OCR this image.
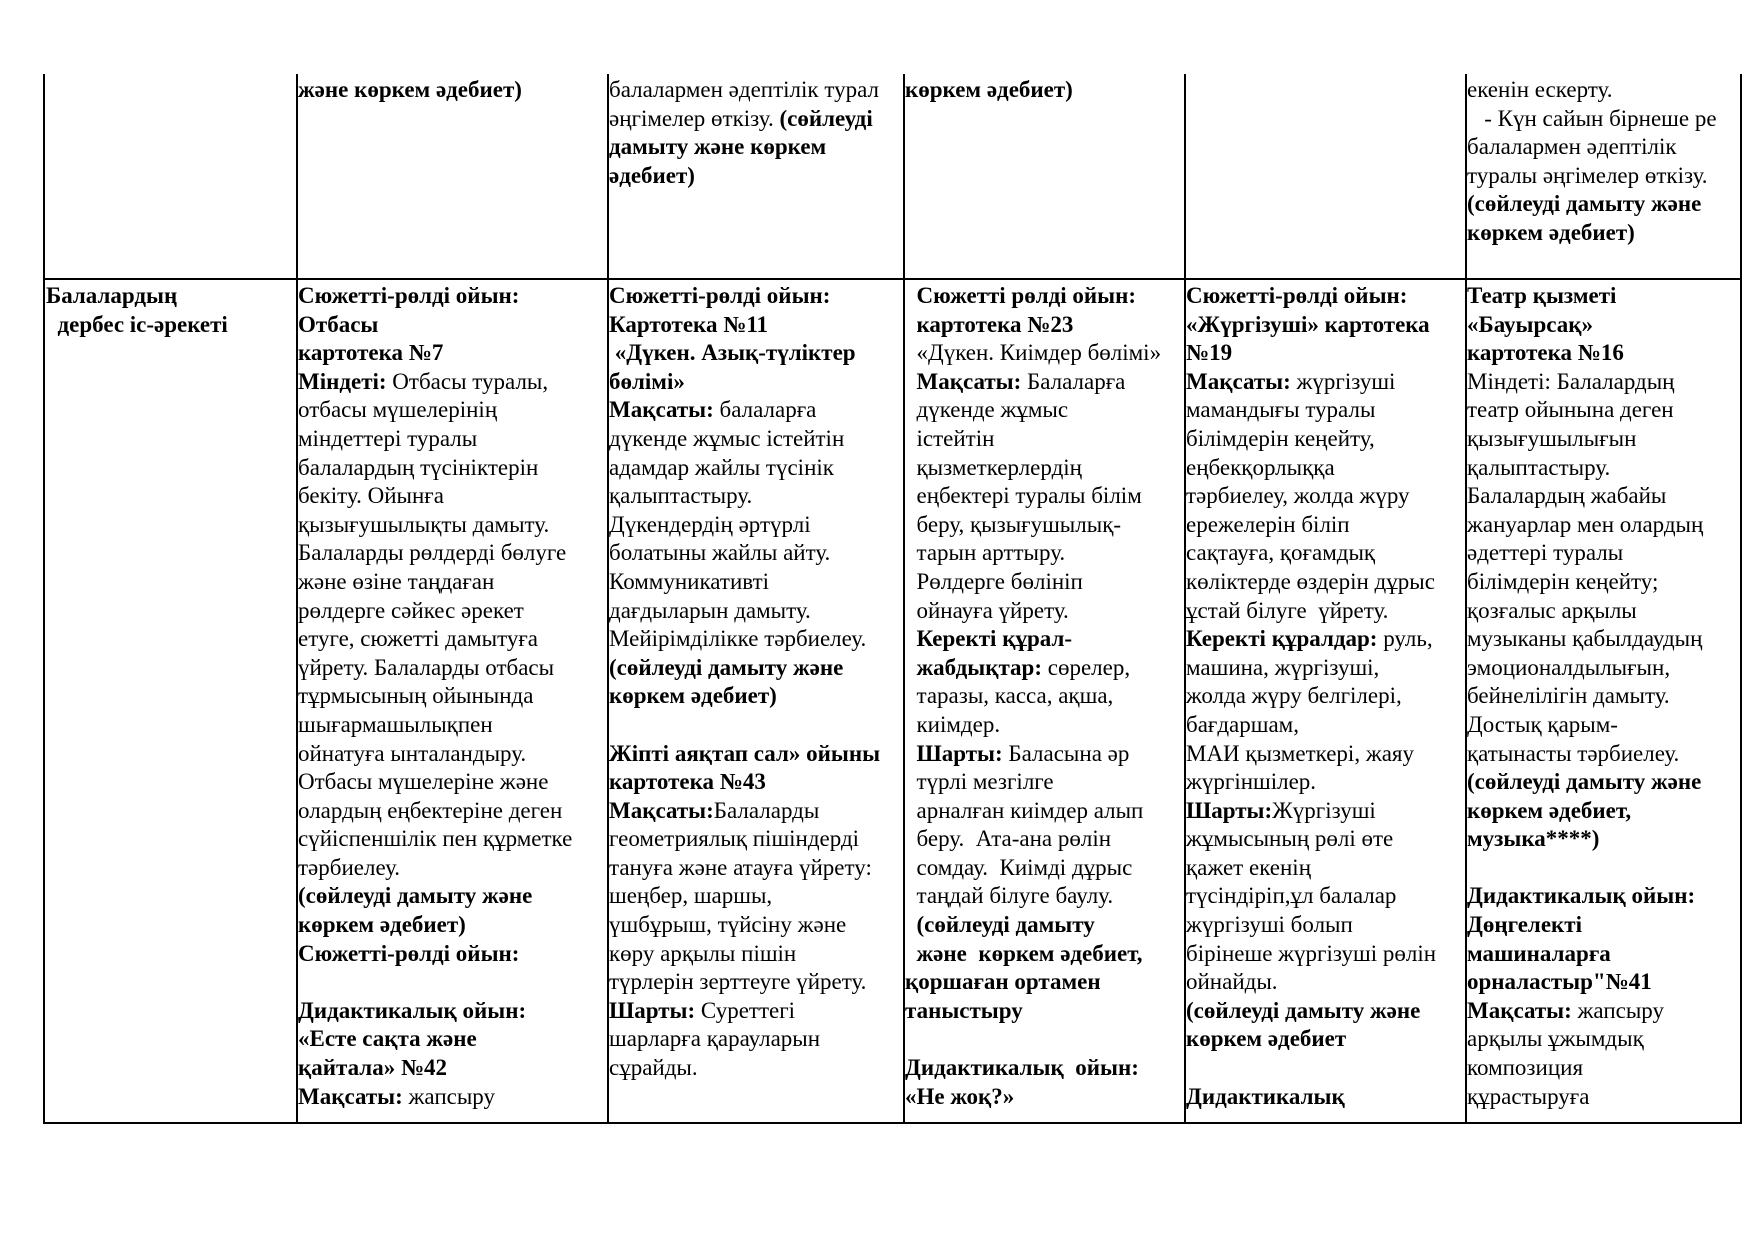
және көркем әдебиет)	балалармен әдептілік турал

әңгімелер өткізу. (сөйлеуді

дамыту және көркем

әдебиет)

көркем әдебиет)	екенін ескерту.

- Күн сайын бірнеше ре

балалармен әдептілік

туралы әңгімелер өткізу.

(сөйлеуді дамыту және

көркем әдебиет)

Балалардың

дербес іс-әрекеті

Сюжетті-рөлді ойын:

Отбасы

картотека №7

Міндеті: Отбасы туралы,

отбасы мүшелерінің

міндеттері туралы

балалардың түсініктерін

бекіту. Ойынға

қызығушылықты дамыту.

Балаларды рөлдерді бөлуге

және өзіне таңдаған

рөлдерге сәйкес әрекет

етуге, сюжетті дамытуға

үйрету. Балаларды отбасы

тұрмысының ойынында

шығармашылықпен

ойнатуға ынталандыру.

Отбасы мүшелеріне және

олардың еңбектеріне деген

сүйіспеншілік пен құрметке

тәрбиелеу.

(сөйлеуді дамыту және

көркем әдебиет)

Сюжетті-рөлді ойын:

Дидактикалық ойын:

«Есте сақта және

қайтала» №42

Мақсаты: жапсыру

Сюжетті-рөлді ойын:

Картотека №11

«Дүкен. Азық-түліктер

бөлімі»

Мақсаты: балаларға

дүкенде жұмыс істейтін

адамдар жайлы түсінік

қалыптастыру.

Дүкендердің әртүрлі

болатыны жайлы айту.

Коммуникативті

дағдыларын дамыту.

Мейірімділікке тәрбиелеу.

(сөйлеуді дамыту және

көркем әдебиет)

Жіпті аяқтап сал» ойыны

картотека №43

Мақсаты:Балаларды

геометриялық пішіндерді

тануға және атауға үйрету:

шеңбер, шаршы,

үшбұрыш, түйсіну және

көру арқылы пішін

түрлерін зерттеуге үйрету.

Шарты: Суреттегі

шарларға қарауларын

сұрайды.

Сюжетті рөлді ойын:

картотека №23

«Дүкен. Киімдер бөлімі»

Мақсаты: Балаларға

дүкенде жұмыс

істейтін

қызметкерлердің

еңбектері туралы білім

беру, қызығушылық-

тарын арттыру.

Рөлдерге бөлініп

ойнауға үйрету.

Керекті құрал-

жабдықтар: сөрелер,

таразы, касса, ақша,

киімдер.

Шарты: Баласына әр

түрлі мезгілге

арналған киімдер алып

беру.  Ата-ана рөлін

сомдау.  Киімді дұрыс

таңдай білуге баулу.

(сөйлеуді дамыту

және  көркем әдебиет,

қоршаған ортамен

таныстыру

Дидактикалық  ойын:

«Не жоқ?»

Сюжетті-рөлді ойын:

«Жүргізуші» картотека

№19

Мақсаты: жүргізуші

мамандығы туралы

білімдерін кеңейту,

еңбекқорлыққа

тәрбиелеу, жолда жүру

ережелерін біліп

сақтауға, қоғамдық

көліктерде өздерін дұрыс

ұстай білуге  үйрету.

Керекті құралдар: руль,

машина, жүргізуші,

жолда жүру белгілері,

бағдаршам,

МАИ қызметкері, жаяу

жүргіншілер.

Шарты:Жүргізуші

жұмысының рөлі өте

қажет екенің

түсіндіріп,ұл балалар

жүргізуші болып

бірінеше жүргізуші рөлін

ойнайды.

(сөйлеуді дамыту және

көркем әдебиет

Дидактикалық

Театр қызметі

«Бауырсақ»

картотека №16

Міндеті: Балалардың

театр ойынына деген

қызығушылығын

қалыптастыру.

Балалардың жабайы

жануарлар мен олардың

әдеттері туралы

білімдерін кеңейту;

қозғалыс арқылы

музыканы қабылдаудың

эмоционалдылығын,

бейнелілігін дамыту.

Достық қарым-

қатынасты тәрбиелеу.

(сөйлеуді дамыту және

көркем әдебиет,

музыка****)

Дидактикалық ойын:

Дөңгелекті

машиналарға

орналастыр"№41

Мақсаты: жапсыру

арқылы ұжымдық

композиция

құрастыруға
